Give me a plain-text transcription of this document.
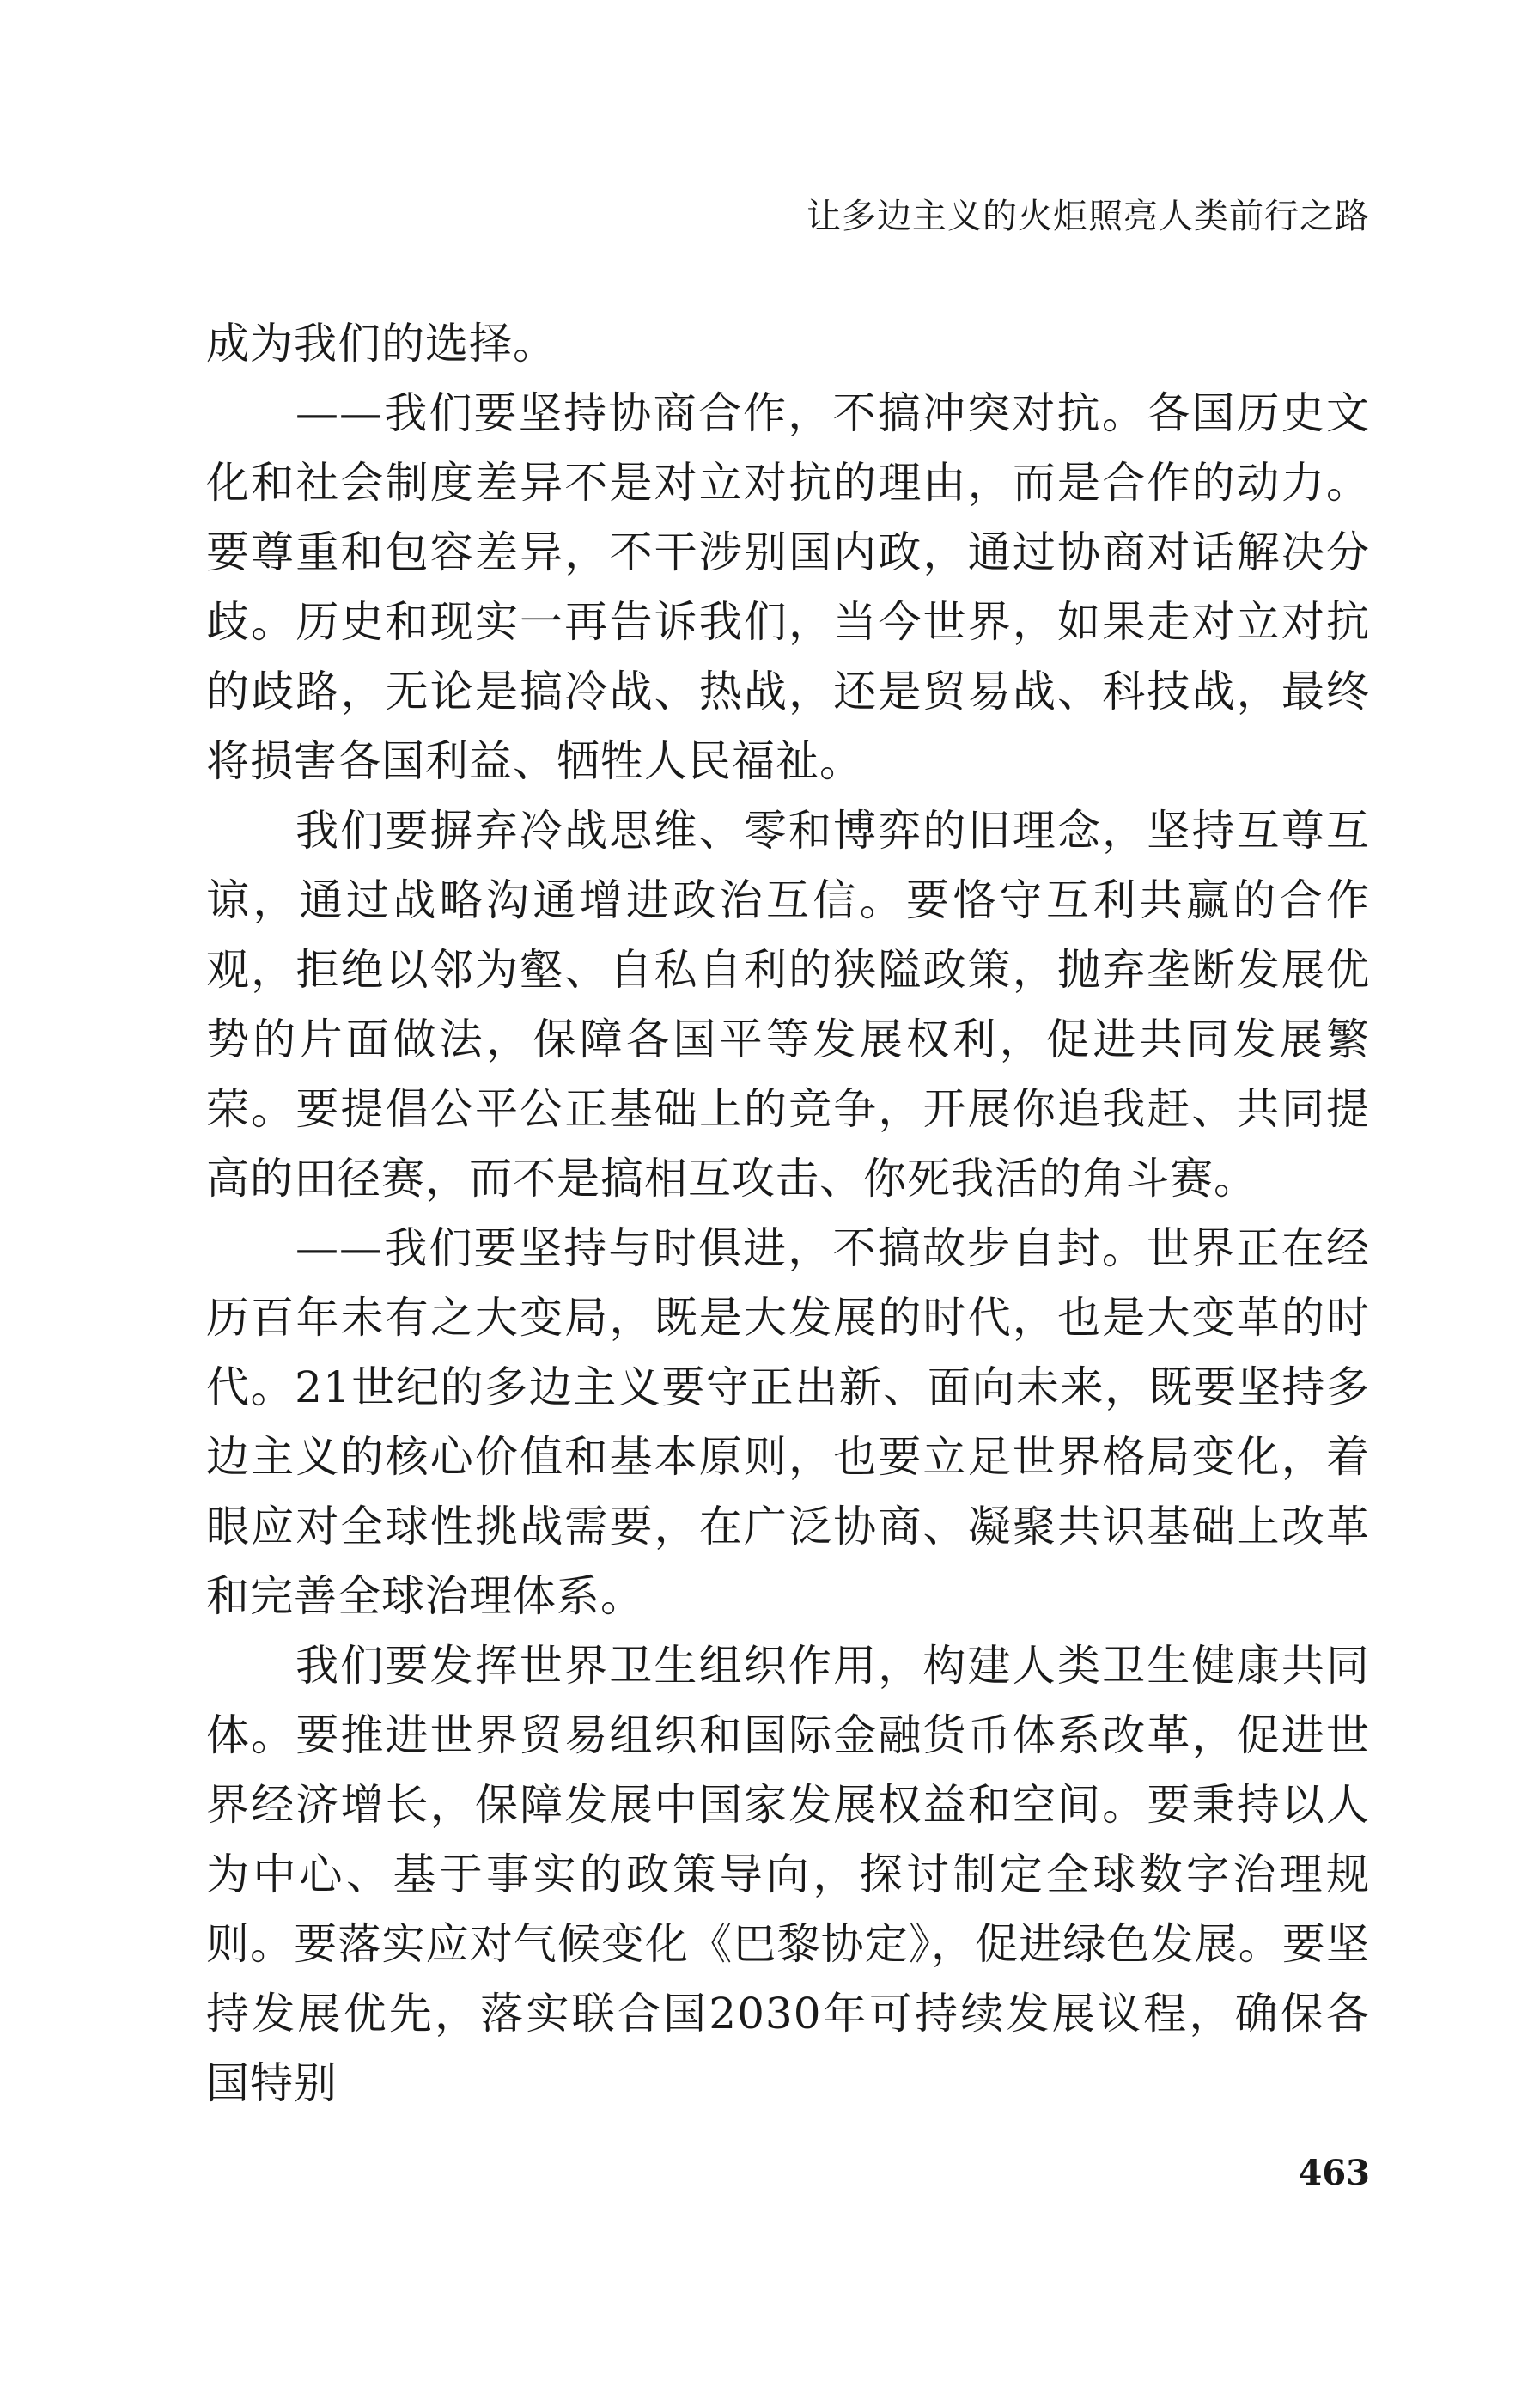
让多边主义的火炬照亮人类前行之路

成为我们的选择。

——我们要坚持协商合作，不搞冲突对抗。各国历史文化和社会制度差异不是对立对抗的理由，而是合作的动力。要尊重和包容差异，不干涉别国内政，通过协商对话解决分歧。历史和现实一再告诉我们，当今世界，如果走对立对抗的歧路，无论是搞冷战、热战，还是贸易战、科技战，最终将损害各国利益、牺牲人民福祉。

我们要摒弃冷战思维、零和博弈的旧理念，坚持互尊互谅，通过战略沟通增进政治互信。要恪守互利共赢的合作观，拒绝以邻为壑、自私自利的狭隘政策，抛弃垄断发展优势的片面做法，保障各国平等发展权利，促进共同发展繁荣。要提倡公平公正基础上的竞争，开展你追我赶、共同提高的田径赛，而不是搞相互攻击、你死我活的角斗赛。

——我们要坚持与时俱进，不搞故步自封。世界正在经历百年未有之大变局，既是大发展的时代，也是大变革的时代。21世纪的多边主义要守正出新、面向未来，既要坚持多边主义的核心价值和基本原则，也要立足世界格局变化，着眼应对全球性挑战需要，在广泛协商、凝聚共识基础上改革和完善全球治理体系。

我们要发挥世界卫生组织作用，构建人类卫生健康共同体。要推进世界贸易组织和国际金融货币体系改革，促进世界经济增长，保障发展中国家发展权益和空间。要秉持以人为中心、基于事实的政策导向，探讨制定全球数字治理规则。要落实应对气候变化《巴黎协定》，促进绿色发展。要坚持发展优先，落实联合国2030年可持续发展议程，确保各国特别

463
